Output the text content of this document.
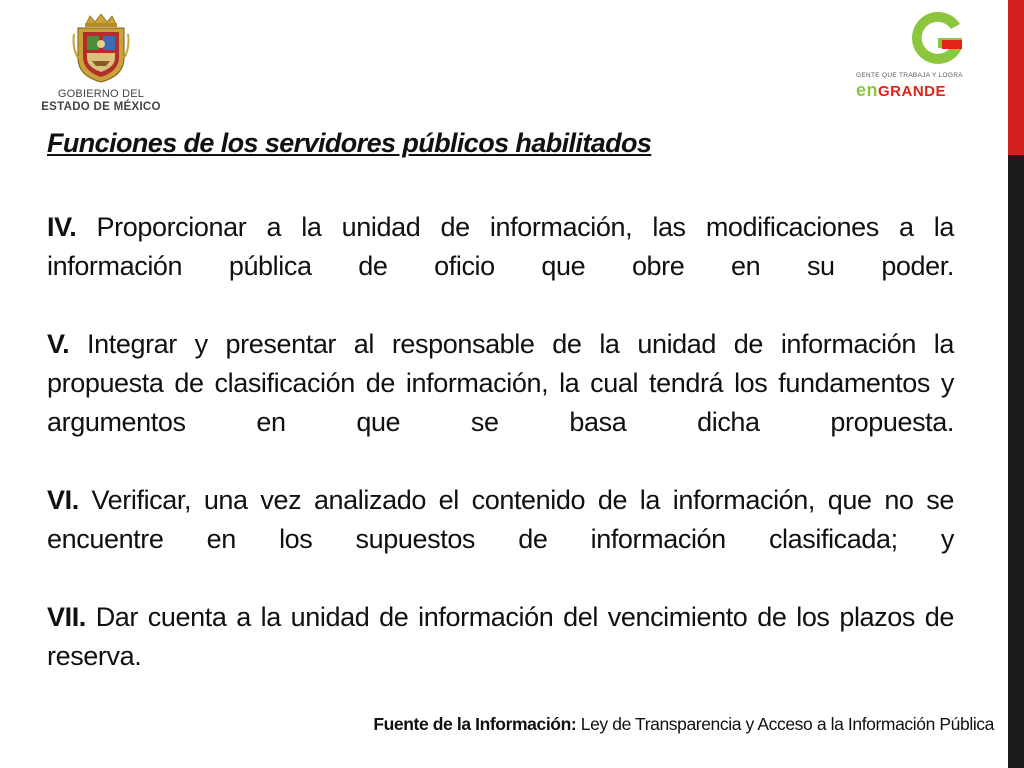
GOBIERNO DEL
ESTADO DE MÉXICO
GENTE QUE TRABAJA Y LOGRA
enGRANDE
Funciones de los servidores públicos habilitados

IV. Proporcionar a la unidad de información, las modificaciones a la información pública de oficio que obre en su poder.

V. Integrar y presentar al responsable de la unidad de información la propuesta de clasificación de información, la cual tendrá los fundamentos y argumentos en que se basa dicha propuesta.

VI. Verificar, una vez analizado el contenido de la información, que no se encuentre en los supuestos de información clasificada; y

VII. Dar cuenta a la unidad de información del vencimiento de los plazos de reserva.

Fuente de la Información: Ley de Transparencia y Acceso a la Información Pública
